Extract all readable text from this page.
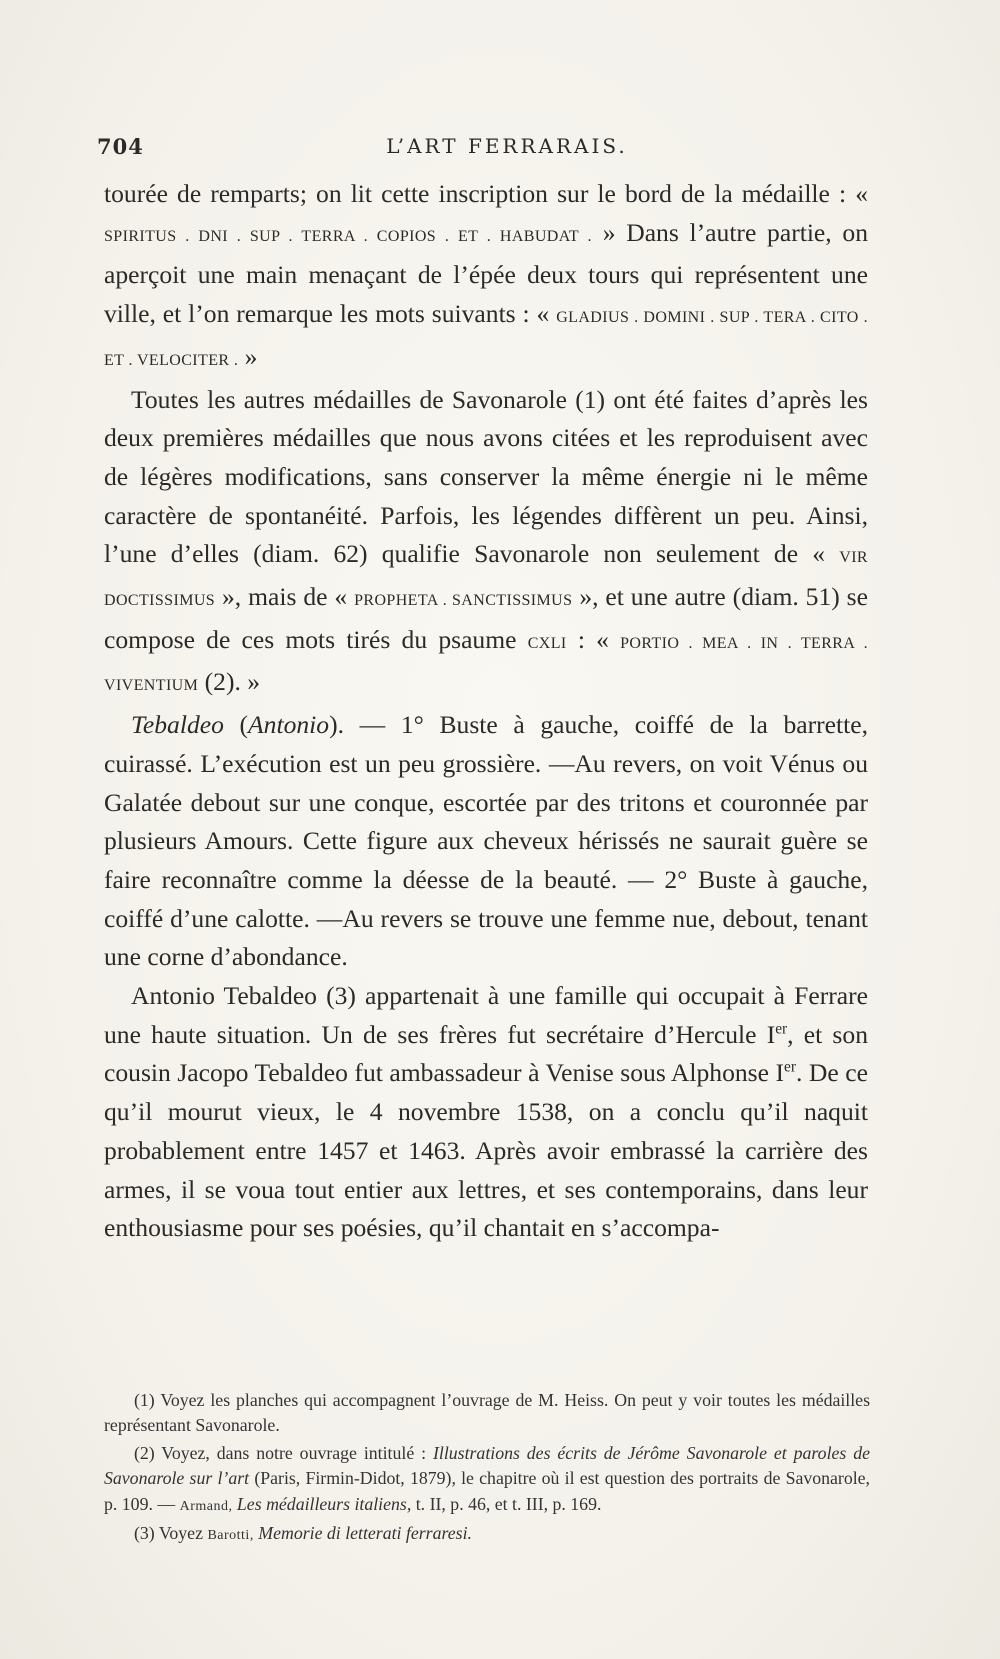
704	L’ART FERRARAIS.

tourée de remparts; on lit cette inscription sur le bord de la médaille : « SPIRITUS . DNI . SUP . TERRA . COPIOS . ET . HABUDAT . » Dans l’autre partie, on aperçoit une main menaçant de l’épée deux tours qui représentent une ville, et l’on remarque les mots suivants : « GLADIUS . DOMINI . SUP . TERA . CITO . ET . VELOCITER . »

Toutes les autres médailles de Savonarole (1) ont été faites d’après les deux premières médailles que nous avons citées et les reproduisent avec de légères modifications, sans conserver la même énergie ni le même caractère de spontanéité. Parfois, les légendes diffèrent un peu. Ainsi, l’une d’elles (diam. 62) qualifie Savonarole non seulement de « VIR DOCTISSIMUS », mais de « PROPHETA . SANCTISSIMUS », et une autre (diam. 51) se compose de ces mots tirés du psaume CXLI : « PORTIO . MEA . IN . TERRA . VIVENTIUM (2). »

Tebaldeo (Antonio). — 1° Buste à gauche, coiffé de la barrette, cuirassé. L’exécution est un peu grossière. —Au revers, on voit Vénus ou Galatée debout sur une conque, escortée par des tritons et couronnée par plusieurs Amours. Cette figure aux cheveux hérissés ne saurait guère se faire reconnaître comme la déesse de la beauté. — 2° Buste à gauche, coiffé d’une calotte. —Au revers se trouve une femme nue, debout, tenant une corne d’abondance.

Antonio Tebaldeo (3) appartenait à une famille qui occupait à Ferrare une haute situation. Un de ses frères fut secrétaire d’Hercule Ier, et son cousin Jacopo Tebaldeo fut ambassadeur à Venise sous Alphonse Ier. De ce qu’il mourut vieux, le 4 novembre 1538, on a conclu qu’il naquit probablement entre 1457 et 1463. Après avoir embrassé la carrière des armes, il se voua tout entier aux lettres, et ses contemporains, dans leur enthousiasme pour ses poésies, qu’il chantait en s’accompa-

(1) Voyez les planches qui accompagnent l’ouvrage de M. Heiss. On peut y voir toutes les médailles représentant Savonarole.

(2) Voyez, dans notre ouvrage intitulé : Illustrations des écrits de Jérôme Savonarole et paroles de Savonarole sur l’art (Paris, Firmin-Didot, 1879), le chapitre où il est question des portraits de Savonarole, p. 109. — Armand, Les médailleurs italiens, t. II, p. 46, et t. III, p. 169.

(3) Voyez Barotti, Memorie di letterati ferraresi.
